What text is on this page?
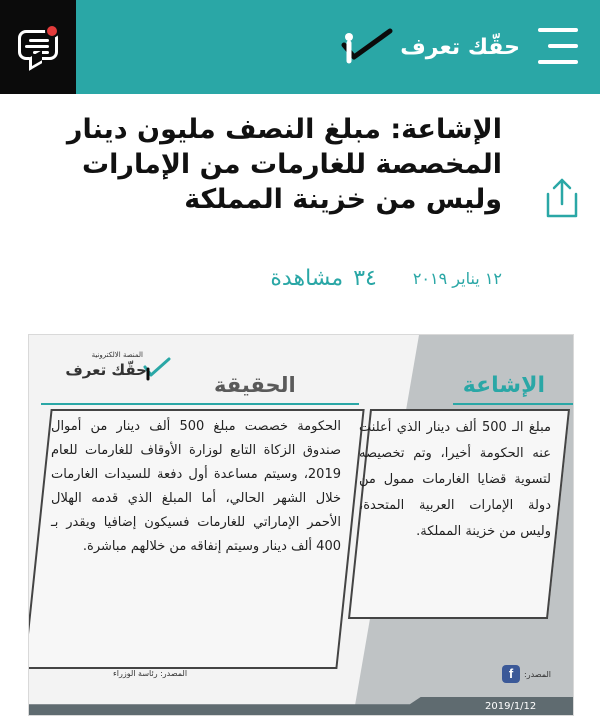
حقّك تعرف
الإشاعة: مبلغ النصف مليون دينار المخصصة للغارمات من الإمارات وليس من خزينة المملكة
١٢ يناير ٢٠١٩
٣٤
مشاهدة
المنصة الالكترونية
حقّك تعرف
الحقيقة	الإشاعة

الحكومة خصصت مبلغ 500 ألف دينار من أموال صندوق الزكاة التابع لوزارة الأوقاف للغارمات للعام 2019، وسيتم مساعدة أول دفعة للسيدات الغارمات خلال الشهر الحالي، أما المبلغ الذي قدمه الهلال الأحمر الإماراتي للغارمات فسيكون إضافيا ويقدر بـ 400 ألف دينار وسيتم إنفاقه من خلالهم مباشرة.

مبلغ الـ 500 ألف دينار الذي أعلنت عنه الحكومة أخيرا، وتم تخصيصه لتسوية قضايا الغارمات ممول من دولة الإمارات العربية المتحدة، وليس من خزينة المملكة.

المصدر: رئاسة الوزراء	المصدر:
f
2019/1/12
